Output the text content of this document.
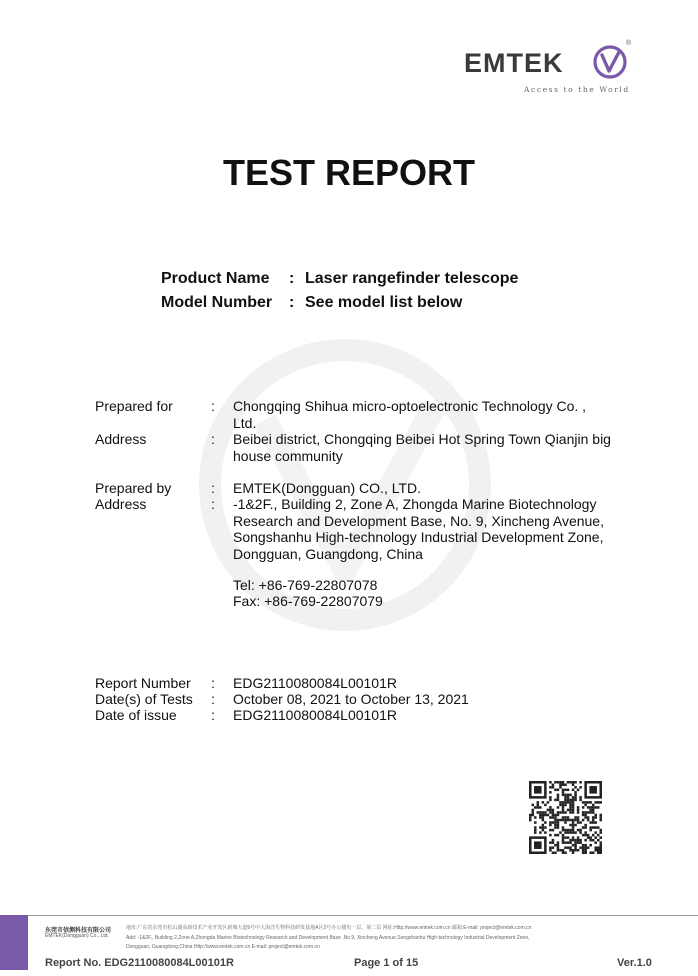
EMTEK
®
Access to the World
TEST REPORT
Product Name : Laser rangefinder telescope
Model Number : See model list below
Prepared for	: Chongqing Shihua micro-optoelectronic Technology Co. , Ltd.
Address	: Beibei district, Chongqing Beibei Hot Spring Town Qianjin big house community
Prepared by	: EMTEK(Dongguan) CO., LTD.
Address	: -1&2F., Building 2, Zone A, Zhongda Marine Biotechnology Research and Development Base, No. 9, Xincheng Avenue, Songshanhu High-technology Industrial Development Zone, Dongguan, Guangdong, China
Tel: +86-769-22807078
Fax: +86-769-22807079
Report Number : EDG2110080084L00101R
Date(s) of Tests : October 08, 2021 to October 13, 2021
Date of issue : EDG2110080084L00101R
东莞市信测科技有限公司
EMTEK(Dongguan) Co., Ltd.
地址:广东省东莞市松山湖高新技术产业开发区新城大道9号中大海洋生物科技研发基地A区2号办公楼负一层、第二层 网址:Http://www.emtek.com.cn 邮箱:E-mail: project@emtek.com.cn
Add: -1&2F., Building 2,Zone A,Zhongda Marine Biotechnology Research and Development Base ,No.9, Xincheng Avenue,Songshanhu High-technology Industrial Development Zone,
Dongguan, Guangdong,China Http://www.emtek.com.cn E-mail: project@emtek.com.cn
Report No. EDG2110080084L00101R	Page 1 of 15	Ver.1.0
